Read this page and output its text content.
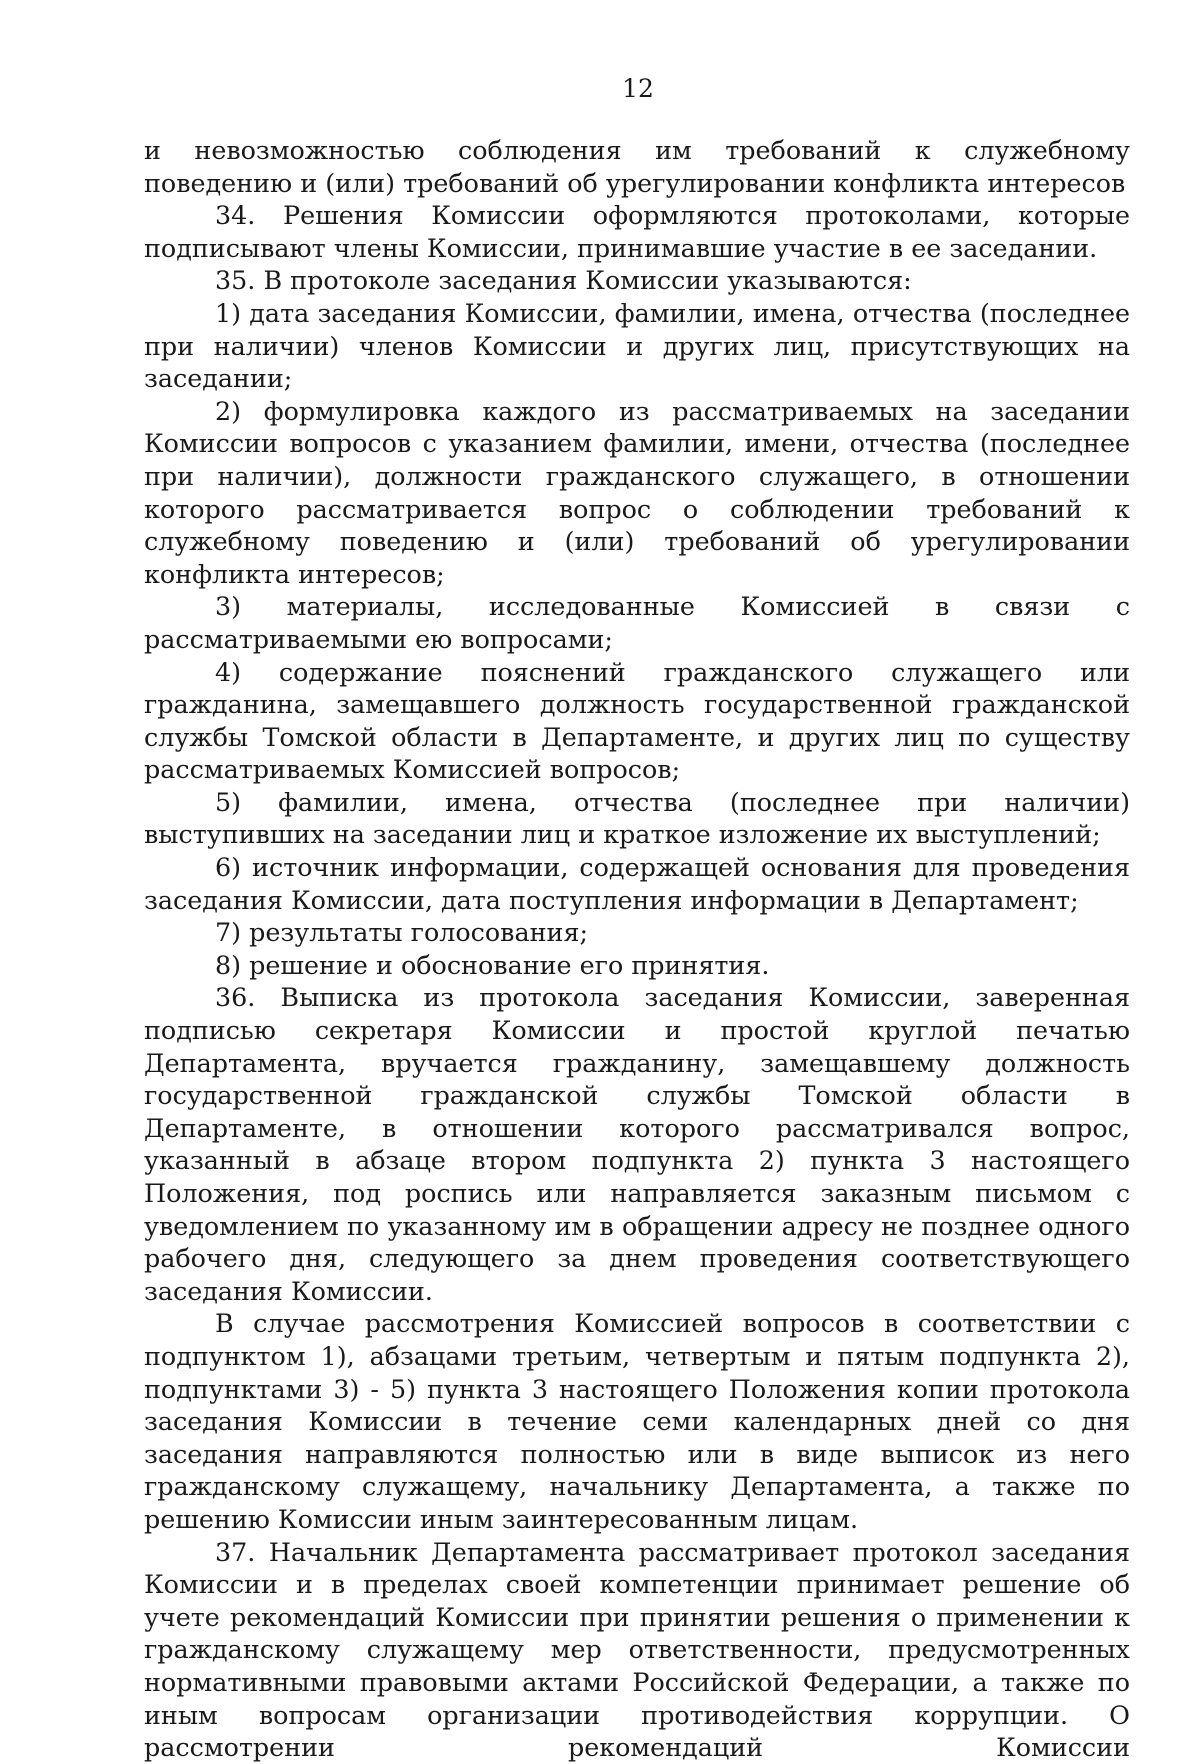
12

и невозможностью соблюдения им требований к служебному поведению и (или) требований об урегулировании конфликта интересов

34. Решения Комиссии оформляются протоколами, которые подписывают члены Комиссии, принимавшие участие в ее заседании.

35. В протоколе заседания Комиссии указываются:

1) дата заседания Комиссии, фамилии, имена, отчества (последнее при наличии) членов Комиссии и других лиц, присутствующих на заседании;

2) формулировка каждого из рассматриваемых на заседании Комиссии вопросов с указанием фамилии, имени, отчества (последнее при наличии), должности гражданского служащего, в отношении которого рассматривается вопрос о соблюдении требований к служебному поведению и (или) требований об урегулировании конфликта интересов;

3) материалы, исследованные Комиссией в связи с рассматриваемыми ею вопросами;

4) содержание пояснений гражданского служащего или гражданина, замещавшего должность государственной гражданской службы Томской области в Департаменте, и других лиц по существу рассматриваемых Комиссией вопросов;

5) фамилии, имена, отчества (последнее при наличии) выступивших на заседании лиц и краткое изложение их выступлений;

6) источник информации, содержащей основания для проведения заседания Комиссии, дата поступления информации в Департамент;

7) результаты голосования;

8) решение и обоснование его принятия.

36. Выписка из протокола заседания Комиссии, заверенная подписью секретаря Комиссии и простой круглой печатью Департамента, вручается гражданину, замещавшему должность государственной гражданской службы Томской области в Департаменте, в отношении которого рассматривался вопрос, указанный в абзаце втором подпункта 2) пункта 3 настоящего Положения, под роспись или направляется заказным письмом с уведомлением по указанному им в обращении адресу не позднее одного рабочего дня, следующего за днем проведения соответствующего заседания Комиссии.

В случае рассмотрения Комиссией вопросов в соответствии с подпунктом 1), абзацами третьим, четвертым и пятым подпункта 2), подпунктами 3) - 5) пункта 3 настоящего Положения копии протокола заседания Комиссии в течение семи календарных дней со дня заседания направляются полностью или в виде выписок из него гражданскому служащему, начальнику Департамента, а также по решению Комиссии иным заинтересованным лицам.

37. Начальник Департамента рассматривает протокол заседания Комиссии и в пределах своей компетенции принимает решение об учете рекомендаций Комиссии при принятии решения о применении к гражданскому служащему мер ответственности, предусмотренных нормативными правовыми актами Российской Федерации, а также по иным вопросам организации противодействия коррупции. О рассмотрении рекомендаций Комиссии
